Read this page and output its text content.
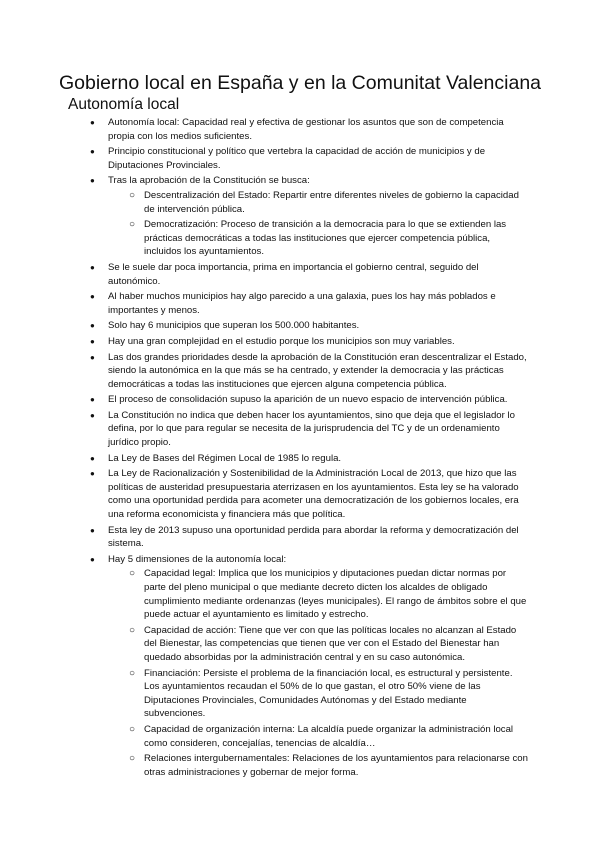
Gobierno local en España y en la Comunitat Valenciana
Autonomía local
● Autonomía local: Capacidad real y efectiva de gestionar los asuntos que son de competencia propia con los medios suficientes.
● Principio constitucional y político que vertebra la capacidad de acción de municipios y de Diputaciones Provinciales.
● Tras la aprobación de la Constitución se busca:
○ Descentralización del Estado: Repartir entre diferentes niveles de gobierno la capacidad de intervención pública.
○ Democratización: Proceso de transición a la democracia para lo que se extienden las prácticas democráticas a todas las instituciones que ejercer competencia pública, incluidos los ayuntamientos.
● Se le suele dar poca importancia, prima en importancia el gobierno central, seguido del autonómico.
● Al haber muchos municipios hay algo parecido a una galaxia, pues los hay más poblados e importantes y menos.
● Solo hay 6 municipios que superan los 500.000 habitantes.
● Hay una gran complejidad en el estudio porque los municipios son muy variables.
● Las dos grandes prioridades desde la aprobación de la Constitución eran descentralizar el Estado, siendo la autonómica en la que más se ha centrado, y extender la democracia y las prácticas democráticas a todas las instituciones que ejercen alguna competencia pública.
● El proceso de consolidación supuso la aparición de un nuevo espacio de intervención pública.
● La Constitución no indica que deben hacer los ayuntamientos, sino que deja que el legislador lo defina, por lo que para regular se necesita de la jurisprudencia del TC y de un ordenamiento jurídico propio.
● La Ley de Bases del Régimen Local de 1985 lo regula.
● La Ley de Racionalización y Sostenibilidad de la Administración Local de 2013, que hizo que las políticas de austeridad presupuestaria aterrizasen en los ayuntamientos. Esta ley se ha valorado como una oportunidad perdida para acometer una democratización de los gobiernos locales, era una reforma economicista y financiera más que política.
● Esta ley de 2013 supuso una oportunidad perdida para abordar la reforma y democratización del sistema.
● Hay 5 dimensiones de la autonomía local:
○ Capacidad legal: Implica que los municipios y diputaciones puedan dictar normas por parte del pleno municipal o que mediante decreto dicten los alcaldes de obligado cumplimiento mediante ordenanzas (leyes municipales). El rango de ámbitos sobre el que puede actuar el ayuntamiento es limitado y estrecho.
○ Capacidad de acción: Tiene que ver con que las políticas locales no alcanzan al Estado del Bienestar, las competencias que tienen que ver con el Estado del Bienestar han quedado absorbidas por la administración central y en su caso autonómica.
○ Financiación: Persiste el problema de la financiación local, es estructural y persistente. Los ayuntamientos recaudan el 50% de lo que gastan, el otro 50% viene de las Diputaciones Provinciales, Comunidades Autónomas y del Estado mediante subvenciones.
○ Capacidad de organización interna: La alcaldía puede organizar la administración local como consideren, concejalías, tenencias de alcaldía…
○ Relaciones intergubernamentales: Relaciones de los ayuntamientos para relacionarse con otras administraciones y gobernar de mejor forma.
